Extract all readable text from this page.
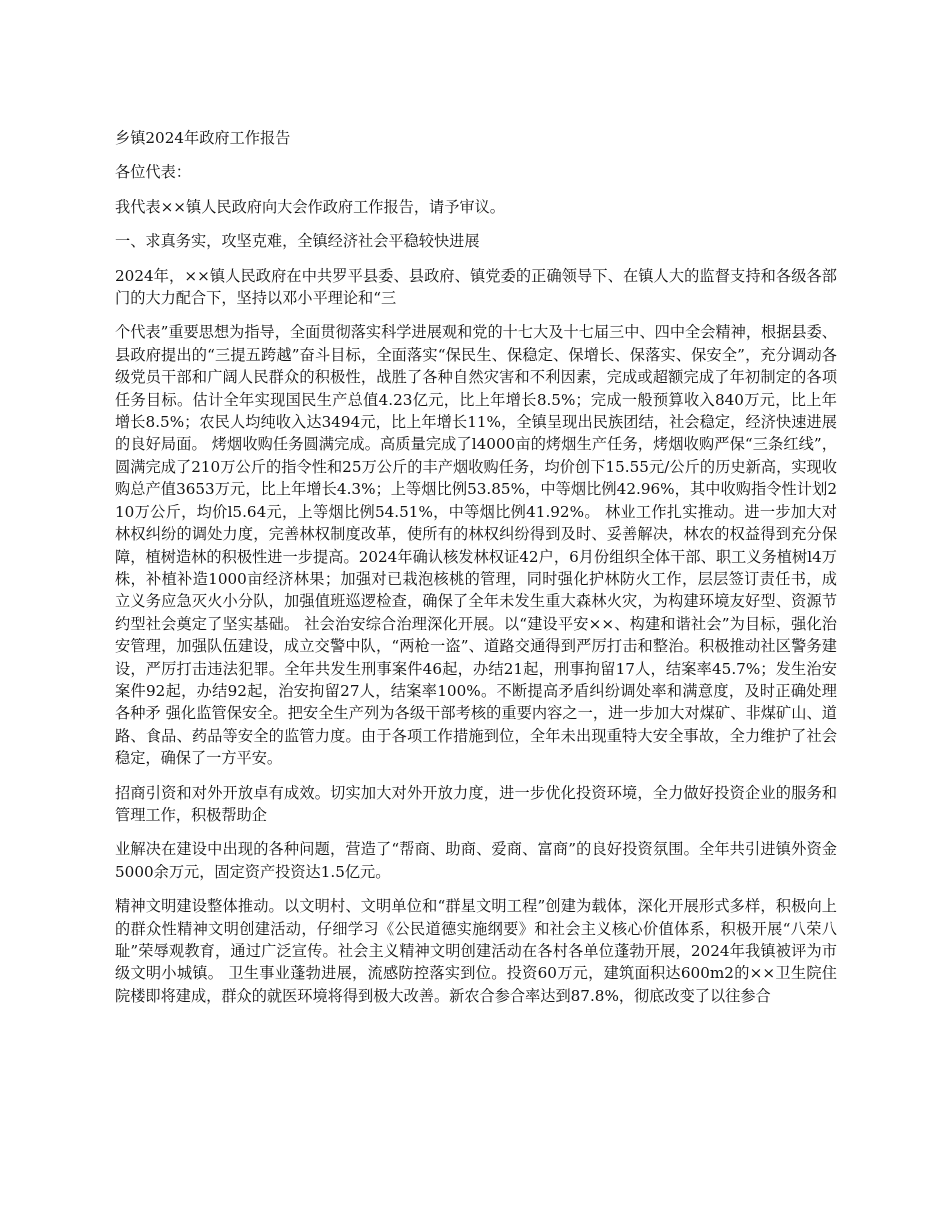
乡镇2024年政府工作报告

各位代表：

我代表××镇人民政府向大会作政府工作报告，请予审议。

一、求真务实，攻坚克难，全镇经济社会平稳较快进展

2024年，××镇人民政府在中共罗平县委、县政府、镇党委的正确领导下、在镇人大的监督支持和各级各部门的大力配合下，坚持以邓小平理论和“三

个代表”重要思想为指导，全面贯彻落实科学进展观和党的十七大及十七届三中、四中全会精神，根据县委、县政府提出的“三提五跨越”奋斗目标，全面落实“保民生、保稳定、保增长、保落实、保安全”，充分调动各级党员干部和广阔人民群众的积极性，战胜了各种自然灾害和不利因素，完成或超额完成了年初制定的各项任务目标。估计全年实现国民生产总值4.23亿元，比上年增长8.5%；完成一般预算收入840万元，比上年增长8.5%；农民人均纯收入达3494元，比上年增长11%，全镇呈现出民族团结，社会稳定，经济快速进展的良好局面。 烤烟收购任务圆满完成。高质量完成了l4000亩的烤烟生产任务，烤烟收购严保“三条红线”，圆满完成了210万公斤的指令性和25万公斤的丰产烟收购任务，均价创下15.55元/公斤的历史新高，实现收购总产值3653万元，比上年增长4.3%；上等烟比例53.85%，中等烟比例42.96%，其中收购指令性计划210万公斤，均价l5.64元，上等烟比例54.51%，中等烟比例41.92%。 林业工作扎实推动。进一步加大对林权纠纷的调处力度，完善林权制度改革，使所有的林权纠纷得到及时、妥善解决，林农的权益得到充分保障，植树造林的积极性进一步提高。2024年确认核发林权证42户，6月份组织全体干部、职工义务植树l4万株，补植补造1000亩经济林果；加强对已栽泡核桃的管理，同时强化护林防火工作，层层签订责任书，成立义务应急灭火小分队，加强值班巡逻检查，确保了全年未发生重大森林火灾，为构建环境友好型、资源节约型社会奠定了坚实基础。 社会治安综合治理深化开展。以“建设平安××、构建和谐社会”为目标，强化治安管理，加强队伍建设，成立交警中队，“两枪一盗”、道路交通得到严厉打击和整治。积极推动社区警务建设，严厉打击违法犯罪。全年共发生刑事案件46起，办结21起，刑事拘留17人，结案率45.7%；发生治安案件92起，办结92起，治安拘留27人，结案率100%。不断提高矛盾纠纷调处率和满意度，及时正确处理各种矛 强化监管保安全。把安全生产列为各级干部考核的重要内容之一，进一步加大对煤矿、非煤矿山、道路、食品、药品等安全的监管力度。由于各项工作措施到位，全年未出现重特大安全事故，全力维护了社会稳定，确保了一方平安。

招商引资和对外开放卓有成效。切实加大对外开放力度，进一步优化投资环境，全力做好投资企业的服务和管理工作，积极帮助企

业解决在建设中出现的各种问题，营造了“帮商、助商、爱商、富商”的良好投资氛围。全年共引进镇外资金5000余万元，固定资产投资达1.5亿元。

精神文明建设整体推动。以文明村、文明单位和“群星文明工程”创建为载体，深化开展形式多样，积极向上的群众性精神文明创建活动，仔细学习《公民道德实施纲要》和社会主义核心价值体系，积极开展“八荣八耻”荣辱观教育，通过广泛宣传。社会主义精神文明创建活动在各村各单位蓬勃开展，2024年我镇被评为市级文明小城镇。 卫生事业蓬勃进展，流感防控落实到位。投资60万元，建筑面积达600m2的××卫生院住院楼即将建成，群众的就医环境将得到极大改善。新农合参合率达到87.8%，彻底改变了以往参合
